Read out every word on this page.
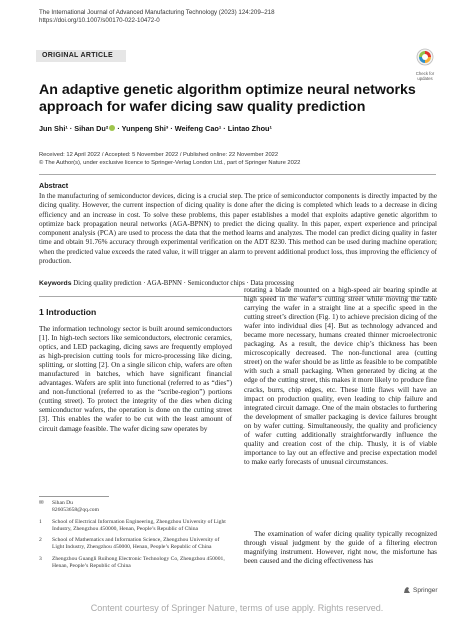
The International Journal of Advanced Manufacturing Technology (2023) 124:209–218
https://doi.org/10.1007/s00170-022-10472-0
ORIGINAL ARTICLE
Check for
updates
An adaptive genetic algorithm optimize neural networks approach for wafer dicing saw quality prediction
Jun Shi¹ · Sihan Du² · Yunpeng Shi³ · Weifeng Cao¹ · Lintao Zhou¹
Received: 12 April 2022 / Accepted: 5 November 2022 / Published online: 22 November 2022
© The Author(s), under exclusive licence to Springer-Verlag London Ltd., part of Springer Nature 2022
Abstract
In the manufacturing of semiconductor devices, dicing is a crucial step. The price of semiconductor components is directly impacted by the dicing quality. However, the current inspection of dicing quality is done after the dicing is completed which leads to a decrease in dicing efficiency and an increase in cost. To solve these problems, this paper establishes a model that exploits adaptive genetic algorithm to optimize back propagation neural networks (AGA-BPNN) to predict the dicing quality. In this paper, expert experience and principal component analysis (PCA) are used to process the data that the method learns and analyzes. The model can predict dicing quality in faster time and obtain 91.76% accuracy through experimental verification on the ADT 8230. This method can be used during machine operation; when the predicted value exceeds the rated value, it will trigger an alarm to prevent additional product loss, thus improving the efficiency of production.
Keywords Dicing quality prediction · AGA-BPNN · Semiconductor chips · Data processing
1 Introduction
The information technology sector is built around semiconductors [1]. In high-tech sectors like semiconductors, electronic ceramics, optics, and LED packaging, dicing saws are frequently employed as high-precision cutting tools for micro-processing like dicing, splitting, or slotting [2]. On a single silicon chip, wafers are often manufactured in batches, which have significant financial advantages. Wafers are split into functional (referred to as “dies”) and non-functional (referred to as the “scribe-region”) portions (cutting street). To protect the integrity of the dies when dicing semiconductor wafers, the operation is done on the cutting street [3]. This enables the wafer to be cut with the least amount of circuit damage feasible. The wafer dicing saw operates by
rotating a blade mounted on a high-speed air bearing spindle at high speed in the wafer’s cutting street while moving the table carrying the wafer in a straight line at a specific speed in the cutting street’s direction (Fig. 1) to achieve precision dicing of the wafer into individual dies [4]. But as technology advanced and became more necessary, humans created thinner microelectronic packaging. As a result, the device chip’s thickness has been microscopically decreased. The non-functional area (cutting street) on the wafer should be as little as feasible to be compatible with such a small packaging. When generated by dicing at the edge of the cutting street, this makes it more likely to produce fine cracks, burrs, chip edges, etc. These little flaws will have an impact on production quality, even leading to chip failure and integrated circuit damage. One of the main obstacles to furthering the development of smaller packaging is device failures brought on by wafer cutting. Simultaneously, the quality and proficiency of wafer cutting additionally straightforwardly influence the quality and creation cost of the chip. Thusly, it is of viable importance to lay out an effective and precise expectation model to make early forecasts of unusual circumstances.
The examination of wafer dicing quality typically recognized through visual judgment by the guide of a filtering electron magnifying instrument. However, right now, the misfortune has been caused and the dicing effectiveness has
✉	Sihan Du
826053658@qq.com
1	School of Electrical Information Engineering, Zhengzhou University of Light Industry, Zhengzhou 450000, Henan, People’s Republic of China
2	School of Mathematics and Information Science, Zhengzhou University of Light Industry, Zhengzhou 450000, Henan, People’s Republic of China
3	Zhengzhou Guangli Ruihong Electronic Technology Co, Zhengzhou 450001, Henan, People’s Republic of China
Springer
Content courtesy of Springer Nature, terms of use apply. Rights reserved.
